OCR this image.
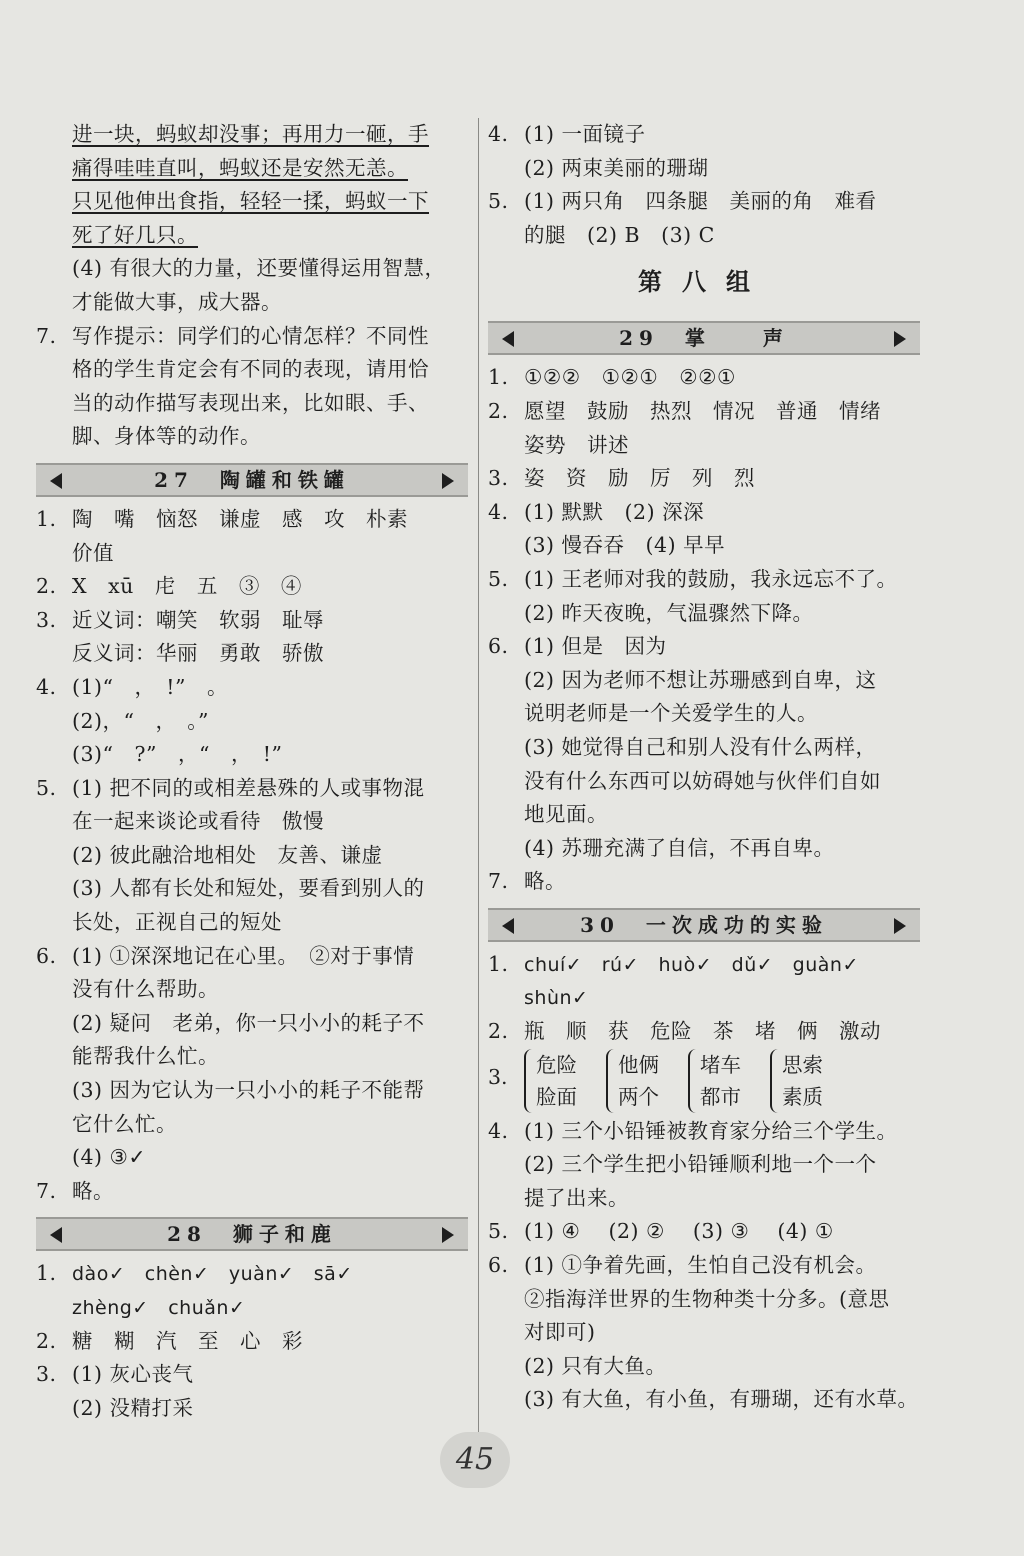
进一块，蚂蚁却没事；再用力一砸，手
痛得哇哇直叫，蚂蚁还是安然无恙。
只见他伸出食指，轻轻一揉，蚂蚁一下
死了好几只。
(4) 有很大的力量，还要懂得运用智慧，
才能做大事，成大器。
7. 写作提示：同学们的心情怎样？不同性
格的学生肯定会有不同的表现，请用恰
当的动作描写表现出来，比如眼、手、
脚、身体等的动作。
27　陶罐和铁罐
1. 陶　嘴　恼怒　谦虚　感　攻　朴素
价值
2. X　xū　虍　五　③　④
3. 近义词：嘲笑　软弱　耻辱
反义词：华丽　勇敢　骄傲
4. (1)“　，　!”　。
(2)，“　，　。”
(3)“　?”　，“　，　!”
5. (1) 把不同的或相差悬殊的人或事物混
在一起来谈论或看待　傲慢
(2) 彼此融洽地相处　友善、谦虚
(3) 人都有长处和短处，要看到别人的
长处，正视自己的短处
6. (1) ①深深地记在心里。　②对于事情
没有什么帮助。
(2) 疑问　老弟，你一只小小的耗子不
能帮我什么忙。
(3) 因为它认为一只小小的耗子不能帮
它什么忙。
(4) ③✓
7. 略。
28　狮子和鹿
1. dào✓　chèn✓　yuàn✓　sā✓
zhèng✓　chuǎn✓
2. 糖　糊　汽　至　心　彩
3. (1) 灰心丧气
(2) 没精打采
4. (1) 一面镜子
(2) 两束美丽的珊瑚
5. (1) 两只角　四条腿　美丽的角　难看
的腿　(2) B　(3) C
第八组
29　掌　　声
1. ①②②　①②①　②②①
2. 愿望　鼓励　热烈　情况　普通　情绪
姿势　讲述
3. 姿　资　励　厉　列　烈
4. (1) 默默　(2) 深深
(3) 慢吞吞　(4) 早早
5. (1) 王老师对我的鼓励，我永远忘不了。
(2) 昨天夜晚，气温骤然下降。
6. (1) 但是　因为
(2) 因为老师不想让苏珊感到自卑，这
说明老师是一个关爱学生的人。
(3) 她觉得自己和别人没有什么两样，
没有什么东西可以妨碍她与伙伴们自如
地见面。
(4) 苏珊充满了自信，不再自卑。
7. 略。
30　一次成功的实验
1. chuí✓　rú✓　huò✓　dǔ✓　guàn✓
shùn✓
2. 瓶　顺　获　危险　茶　堵　俩　激动
3.	危险
脸面
他俩
两个
堵车
都市
思索
素质
4. (1) 三个小铅锤被教育家分给三个学生。
(2) 三个学生把小铅锤顺利地一个一个
提了出来。
5. (1) ④　 (2) ②　 (3) ③　 (4) ①
6. (1) ①争着先画，生怕自己没有机会。
②指海洋世界的生物种类十分多。(意思
对即可)
(2) 只有大鱼。
(3) 有大鱼，有小鱼，有珊瑚，还有水草。
45
